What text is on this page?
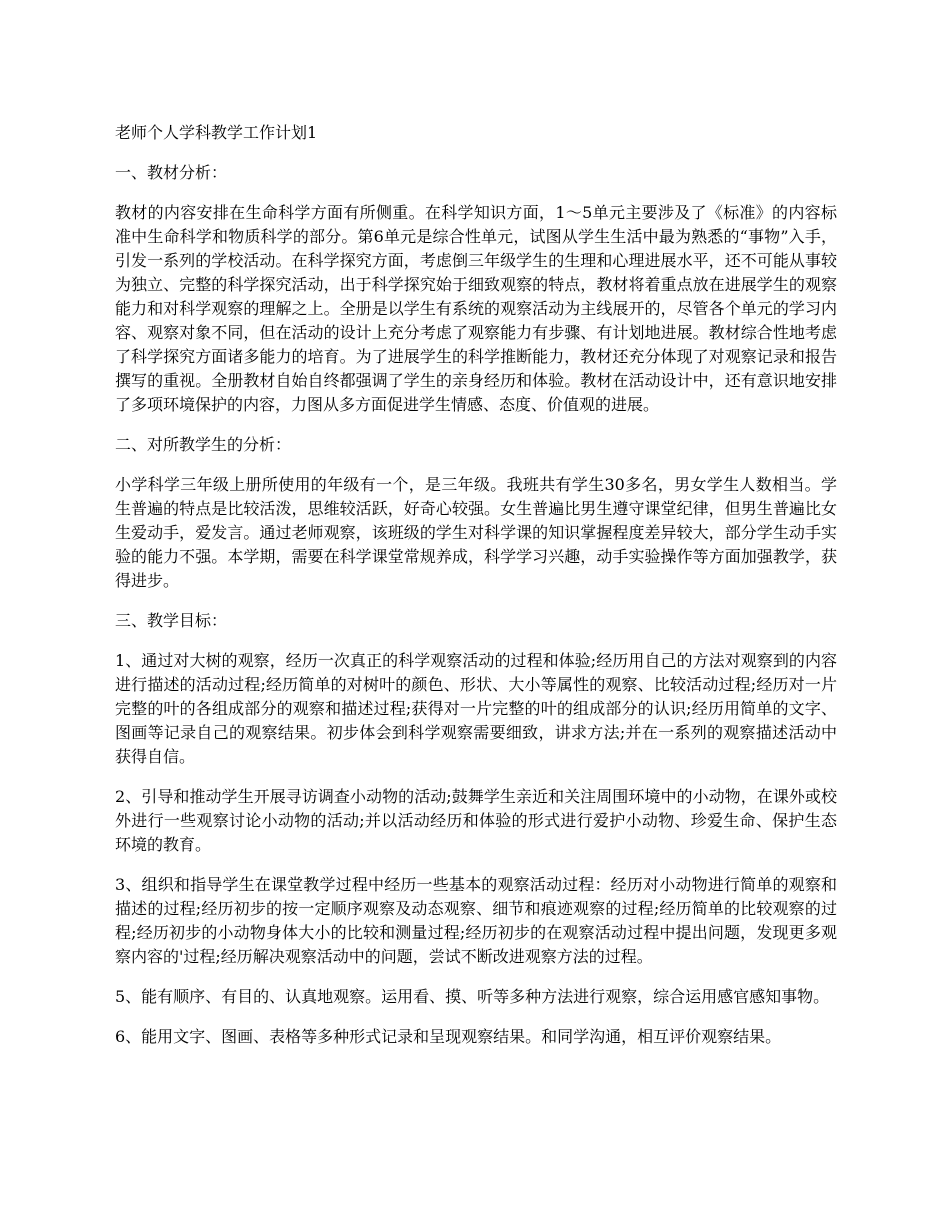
老师个人学科教学工作计划1

一、教材分析：

教材的内容安排在生命科学方面有所侧重。在科学知识方面，1～5单元主要涉及了《标准》的内容标准中生命科学和物质科学的部分。第6单元是综合性单元，试图从学生生活中最为熟悉的“事物”入手，引发一系列的学校活动。在科学探究方面，考虑倒三年级学生的生理和心理进展水平，还不可能从事较为独立、完整的科学探究活动，出于科学探究始于细致观察的特点，教材将着重点放在进展学生的观察能力和对科学观察的理解之上。全册是以学生有系统的观察活动为主线展开的，尽管各个单元的学习内容、观察对象不同，但在活动的设计上充分考虑了观察能力有步骤、有计划地进展。教材综合性地考虑了科学探究方面诸多能力的培育。为了进展学生的科学推断能力，教材还充分体现了对观察记录和报告撰写的重视。全册教材自始自终都强调了学生的亲身经历和体验。教材在活动设计中，还有意识地安排了多项环境保护的内容，力图从多方面促进学生情感、态度、价值观的进展。

二、对所教学生的分析：

小学科学三年级上册所使用的年级有一个，是三年级。我班共有学生30多名，男女学生人数相当。学生普遍的特点是比较活泼，思维较活跃，好奇心较强。女生普遍比男生遵守课堂纪律，但男生普遍比女生爱动手，爱发言。通过老师观察，该班级的学生对科学课的知识掌握程度差异较大，部分学生动手实验的能力不强。本学期，需要在科学课堂常规养成，科学学习兴趣，动手实验操作等方面加强教学，获得进步。

三、教学目标：

1、通过对大树的观察，经历一次真正的科学观察活动的过程和体验;经历用自己的方法对观察到的内容进行描述的活动过程;经历简单的对树叶的颜色、形状、大小等属性的观察、比较活动过程;经历对一片完整的叶的各组成部分的观察和描述过程;获得对一片完整的叶的组成部分的认识;经历用简单的文字、图画等记录自己的观察结果。初步体会到科学观察需要细致，讲求方法;并在一系列的观察描述活动中获得自信。

2、引导和推动学生开展寻访调查小动物的活动;鼓舞学生亲近和关注周围环境中的小动物，在课外或校外进行一些观察讨论小动物的活动;并以活动经历和体验的形式进行爱护小动物、珍爱生命、保护生态环境的教育。

3、组织和指导学生在课堂教学过程中经历一些基本的观察活动过程：经历对小动物进行简单的观察和描述的过程;经历初步的按一定顺序观察及动态观察、细节和痕迹观察的过程;经历简单的比较观察的过程;经历初步的小动物身体大小的比较和测量过程;经历初步的在观察活动过程中提出问题，发现更多观察内容的'过程;经历解决观察活动中的问题，尝试不断改进观察方法的过程。

5、能有顺序、有目的、认真地观察。运用看、摸、听等多种方法进行观察，综合运用感官感知事物。

6、能用文字、图画、表格等多种形式记录和呈现观察结果。和同学沟通，相互评价观察结果。
